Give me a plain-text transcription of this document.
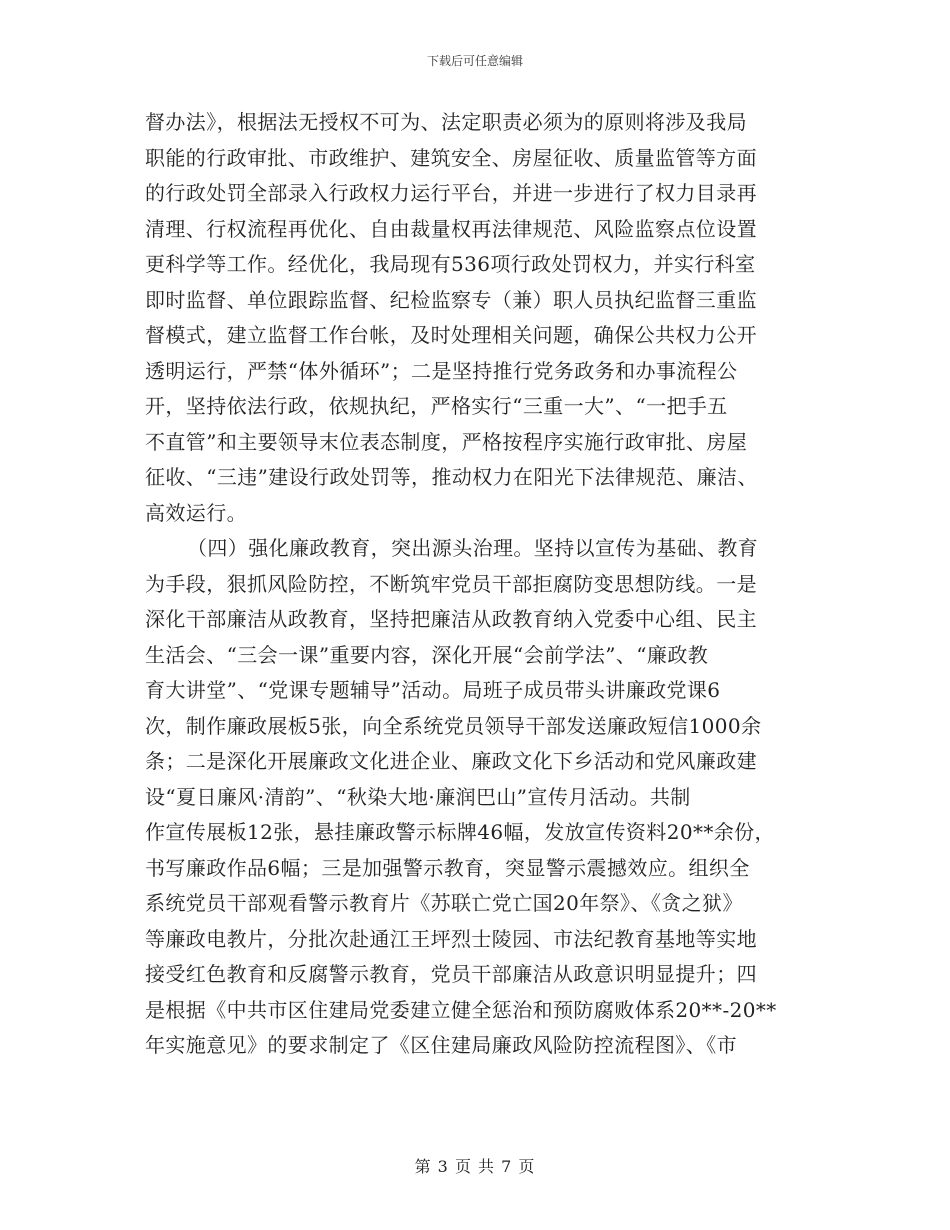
下载后可任意编辑
督办法》，根据法无授权不可为、法定职责必须为的原则将涉及我局
职能的行政审批、市政维护、建筑安全、房屋征收、质量监管等方面
的行政处罚全部录入行政权力运行平台，并进一步进行了权力目录再
清理、行权流程再优化、自由裁量权再法律规范、风险监察点位设置
更科学等工作。经优化，我局现有536项行政处罚权力，并实行科室
即时监督、单位跟踪监督、纪检监察专（兼）职人员执纪监督三重监
督模式，建立监督工作台帐，及时处理相关问题，确保公共权力公开
透明运行，严禁“体外循环”；二是坚持推行党务政务和办事流程公
开，坚持依法行政，依规执纪，严格实行“三重一大”、“一把手五
不直管”和主要领导末位表态制度，严格按程序实施行政审批、房屋
征收、“三违”建设行政处罚等，推动权力在阳光下法律规范、廉洁、
高效运行。
（四）强化廉政教育，突出源头治理。坚持以宣传为基础、教育
为手段，狠抓风险防控，不断筑牢党员干部拒腐防变思想防线。一是
深化干部廉洁从政教育，坚持把廉洁从政教育纳入党委中心组、民主
生活会、“三会一课”重要内容，深化开展“会前学法”、“廉政教
育大讲堂”、“党课专题辅导”活动。局班子成员带头讲廉政党课6
次，制作廉政展板5张，向全系统党员领导干部发送廉政短信1000余
条；二是深化开展廉政文化进企业、廉政文化下乡活动和党风廉政建
设“夏日廉风·清韵”、“秋染大地·廉润巴山”宣传月活动。共制
作宣传展板12张，悬挂廉政警示标牌46幅，发放宣传资料20**余份，
书写廉政作品6幅；三是加强警示教育，突显警示震撼效应。组织全
系统党员干部观看警示教育片《苏联亡党亡国20年祭》、《贪之狱》
等廉政电教片，分批次赴通江王坪烈士陵园、市法纪教育基地等实地
接受红色教育和反腐警示教育，党员干部廉洁从政意识明显提升；四
是根据《中共市区住建局党委建立健全惩治和预防腐败体系20**-20**
年实施意见》的要求制定了《区住建局廉政风险防控流程图》、《市
第 3 页 共 7 页
